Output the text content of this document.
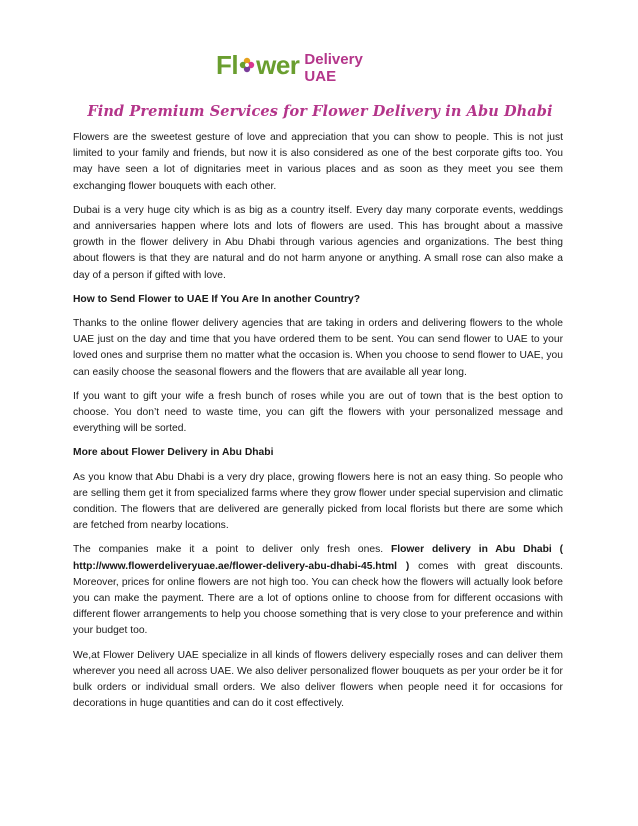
Fl wer Delivery UAE
Find Premium Services for Flower Delivery in Abu Dhabi

Flowers are the sweetest gesture of love and appreciation that you can show to people. This is not just limited to your family and friends, but now it is also considered as one of the best corporate gifts too. You may have seen a lot of dignitaries meet in various places and as soon as they meet you see them exchanging flower bouquets with each other.

Dubai is a very huge city which is as big as a country itself. Every day many corporate events, weddings and anniversaries happen where lots and lots of flowers are used. This has brought about a massive growth in the flower delivery in Abu Dhabi through various agencies and organizations. The best thing about flowers is that they are natural and do not harm anyone or anything. A small rose can also make a day of a person if gifted with love.

How to Send Flower to UAE If You Are In another Country?

Thanks to the online flower delivery agencies that are taking in orders and delivering flowers to the whole UAE just on the day and time that you have ordered them to be sent. You can send flower to UAE to your loved ones and surprise them no matter what the occasion is. When you choose to send flower to UAE, you can easily choose the seasonal flowers and the flowers that are available all year long.

If you want to gift your wife a fresh bunch of roses while you are out of town that is the best option to choose. You don’t need to waste time, you can gift the flowers with your personalized message and everything will be sorted.

More about Flower Delivery in Abu Dhabi

As you know that Abu Dhabi is a very dry place, growing flowers here is not an easy thing. So people who are selling them get it from specialized farms where they grow flower under special supervision and climatic condition. The flowers that are delivered are generally picked from local florists but there are some which are fetched from nearby locations.

The companies make it a point to deliver only fresh ones. Flower delivery in Abu Dhabi ( http://www.flowerdeliveryuae.ae/flower-delivery-abu-dhabi-45.html ) comes with great discounts. Moreover, prices for online flowers are not high too. You can check how the flowers will actually look before you can make the payment. There are a lot of options online to choose from for different occasions with different flower arrangements to help you choose something that is very close to your preference and within your budget too.

We,at Flower Delivery UAE specialize in all kinds of flowers delivery especially roses and can deliver them wherever you need all across UAE. We also deliver personalized flower bouquets as per your order be it for bulk orders or individual small orders. We also deliver flowers when people need it for occasions for decorations in huge quantities and can do it cost effectively.
